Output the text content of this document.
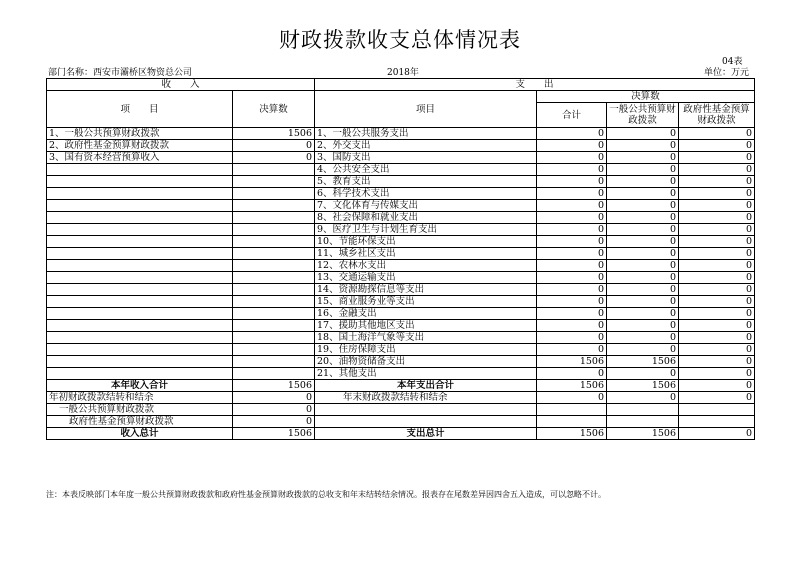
财政拨款收支总体情况表
04表
部门名称：西安市灞桥区物资总公司	2018年	单位：万元
收　　入		支　　出			
项　　目	决算数	项目	决算数		
			合计	一般公共预算财政拨款	政府性基金预算财政拨款

1、一般公共预算财政拨款	1506	1、一般公共服务支出	0	0	0
2、政府性基金预算财政拨款	0	2、外交支出	0	0	0
3、国有资本经营预算收入	0	3、国防支出	0	0	0
		4、公共安全支出	0	0	0
		5、教育支出	0	0	0
		6、科学技术支出	0	0	0
		7、文化体育与传媒支出	0	0	0
		8、社会保障和就业支出	0	0	0
		9、医疗卫生与计划生育支出	0	0	0
		10、节能环保支出	0	0	0
		11、城乡社区支出	0	0	0
		12、农林水支出	0	0	0
		13、交通运输支出	0	0	0
		14、资源勘探信息等支出	0	0	0
		15、商业服务业等支出	0	0	0
		16、金融支出	0	0	0
		17、援助其他地区支出	0	0	0
		18、国土海洋气象等支出	0	0	0
		19、住房保障支出	0	0	0
		20、油物资储备支出	1506	1506	0
		21、其他支出	0	0	0
本年收入合计	1506	本年支出合计	1506	1506	0
年初财政拨款结转和结余	0	年末财政拨款结转和结余	0	0	0
一般公共预算财政拨款	0				
政府性基金预算财政拨款	0				
收入总计	1506	支出总计	1506	1506	0
注：本表反映部门本年度一般公共预算财政拨款和政府性基金预算财政拨款的总收支和年末结转结余情况。报表存在尾数差异因四舍五入造成，可以忽略不计。
